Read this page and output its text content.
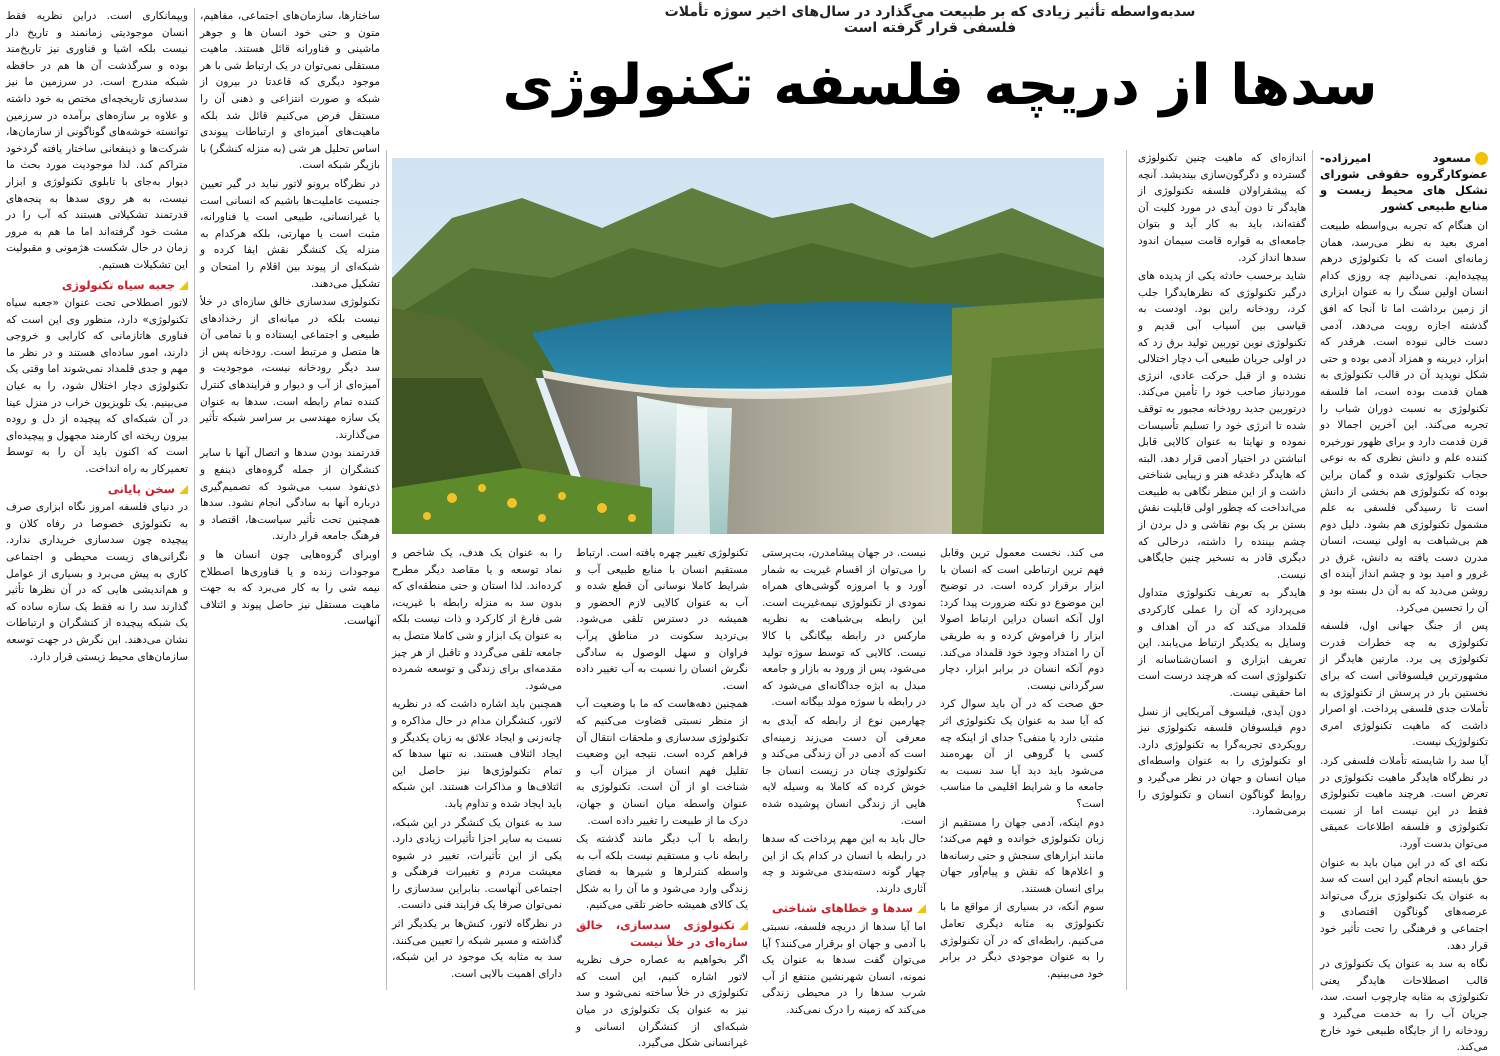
سدبه‌واسطه تأثیر زیادی که بر طبیعت می‌گذارد در سال‌های اخیر سوژه تأملات فلسفی قرار گرفته است
سدها از دریچه فلسفه تکنولوژی
مسعود امیرزاده-عضوکارگروه حقوقی شورای تشکل های محیط زیست و منابع طبیعی کشور

ان هنگام که تجربه بی‌واسطه طبیعت امری بعید به نظر می‌رسد، همان زمانه‌ای است که با تکنولوژی درهم پیچیده‌ایم. نمی‌دانیم چه روزی کدام انسان اولین سنگ را به عنوان ابزاری از زمین برداشت اما تا آنجا که افق گذشته اجازه رویت می‌دهد، آدمی دست خالی نبوده است. هرقدر که ابزار، دیرینه و همزاد آدمی بوده و حتی شکل نوپدید آن در قالب تکنولوژی به همان قدمت بوده است، اما فلسفه تکنولوژی به نسبت دوران شباب را تجربه می‌کند. این آخرین اجمالا دو قرن قدمت دارد و برای ظهور نورخیره کننده علم و دانش نظری که به نوعی حجاب تکنولوژی شده و گمان براین بوده که تکنولوژی هم بخشی از دانش است تا رسیدگی فلسفی به علم مشمول تکنولوژی هم بشود. دلیل دوم هم بی‌شباهت به اولی نیست، انسان مدرن دست یافته به دانش، غرق در غرور و امید بود و چشم انداز آینده ای روشن می‌دید که به آن دل بسته بود و آن را تحسین می‌کرد.

پس از جنگ جهانی اول، فلسفه تکنولوژی به چه خطرات قدرت تکنولوژی پی برد. مارتین هایدگر از مشهورترین فیلسوفانی است که برای نخستین بار در پرسش از تکنولوژی به تأملات جدی فلسفی پرداخت. او اصرار داشت که ماهیت تکنولوژی امری تکنولوژیک نیست.

آیا سد را شایسته تأملات فلسفی کرد. در نظرگاه هایدگر ماهیت تکنولوژی در تعرض است. هرچند ماهیت تکنولوژی فقط در این نیست اما از نسبت تکنولوژی و فلسفه اطلاعات عمیقی می‌توان بدست آورد.

نکته ای که در این میان باید به عنوان حق بایسته انجام گیرد این است که سد به عنوان یک تکنولوژی بزرگ می‌تواند عرصه‌های گوناگون اقتصادی و اجتماعی و فرهنگی را تحت تأثیر خود قرار دهد.

نگاه به سد به عنوان یک تکنولوژی در قالب اصطلاحات هایدگر یعنی تکنولوژی به مثابه چارچوب است. سد، جریان آب را به خدمت می‌گیرد و رودخانه را از جایگاه طبیعی خود خارج می‌کند.

اندازه‌ای که ماهیت چنین تکنولوژی گسترده و دگرگون‌سازی بیندیشد. آنچه که پیشقراولان فلسفه تکنولوژی از هایدگر تا دون آیدی در مورد کلیت آن گفته‌اند، باید به کار آید و بتوان جامعه‌ای به قواره قامت سیمان اندود سدها انداز کرد.

شاید برحسب حادثه یکی از پدیده های درگیر تکنولوژی که نظرهایدگرا جلب کرد، رودخانه راین بود. اودست به قیاسی بین آسیاب آبی قدیم و تکنولوژی نوین توربین تولید برق زد که در اولی جریان طبیعی آب دچار اختلالی نشده و از قبل حرکت عادی، انرژی موردنیاز صاحب خود را تأمین می‌کند. درتوربین جدید رودخانه مجبور به توقف شده تا انرژی خود را تسلیم تأسیسات نموده و نهایتا به عنوان کالایی قابل انباشتن در اختیار آدمی قرار دهد. البته که هایدگر دغدغه هنر و زیبایی شناختی داشت و از این منظر نگاهی به طبیعت می‌انداخت که چطور اولی قابلیت نقش بستن بر یک بوم نقاشی و دل بردن از چشم بیننده را داشته، درحالی که دیگری قادر به تسخیر چنین جایگاهی نیست.

هایدگر به تعریف تکنولوژی متداول می‌پردازد که آن را عملی کارکردی قلمداد می‌کند که در آن اهداف و وسایل به یکدیگر ارتباط می‌یابند. این تعریف ابزاری و انسان‌شناسانه از تکنولوژی است که هرچند درست است اما حقیقی نیست.

دون آیدی، فیلسوف آمریکایی از نسل دوم فیلسوفان فلسفه تکنولوژی نیز رویکردی تجربه‌گرا به تکنولوژی دارد. او تکنولوژی را به عنوان واسطه‌ای میان انسان و جهان در نظر می‌گیرد و روابط گوناگون انسان و تکنولوژی را برمی‌شمارد.

می کند. نخست معمول ترین وقابل فهم ترین ارتباطی است که انسان با ابزار برقرار کرده است. در توضیح این موضوع دو نکته ضرورت پیدا کرد: اول آنکه انسان دراین ارتباط اصولا ابزار را فراموش کرده و به طریقی آن را امتداد وجود خود قلمداد می‌کند. دوم آنکه انسان در برابر ابزار، دچار سرگردانی نیست.

حق صحت که در آن باید سوال کرد که آیا سد به عنوان یک تکنولوژی اثر مثبتی دارد یا منفی؟ جدای از اینکه چه کسی یا گروهی از آن بهره‌مند می‌شود باید دید آیا سد نسبت به جامعه ما و شرایط اقلیمی ما مناسب است؟

دوم اینکه، آدمی جهان را مستقیم از زبان تکنولوژی خوانده و فهم می‌کند؛ مانند ابزارهای سنجش و حتی رسانه‌ها و اعلام‌ها که نقش و پیام‌آور جهان برای انسان هستند.

سوم آنکه، در بسیاری از مواقع ما با تکنولوژی به مثابه دیگری تعامل می‌کنیم. رابطه‌ای که در آن تکنولوژی را به عنوان موجودی دیگر در برابر خود می‌بینیم.

نیست. در جهان پیشامدرن، بت‌پرستی را می‌توان از اقسام غیریت به شمار آورد و یا امروزه گوشی‌های همراه نمودی از تکنولوژی نیمه‌غیریت است. این رابطه بی‌شباهت به نظریه مارکس در رابطه بیگانگی با کالا نیست. کالایی که توسط سوژه تولید می‌شود، پس از ورود به بازار و جامعه مبدل به ابژه جداگانه‌ای می‌شود که در رابطه با سوژه مولد بیگانه است.

چهارمین نوع از رابطه که آیدی به معرفی آن دست می‌زند زمینه‌ای است که آدمی در آن زندگی می‌کند و تکنولوژی چنان در زیست انسان جا خوش کرده که کاملا به وسیله لایه هایی از زندگی انسان پوشیده شده است.

حال باید به این مهم پرداخت که سدها در رابطه با انسان در کدام یک از این چهار گونه دسته‌بندی می‌شوند و چه آثاری دارند.

سدها و خطاهای شناختی

اما آیا سدها از دریچه فلسفه، نسبتی با آدمی و جهان او برقرار می‌کنند؟ آیا می‌توان گفت سدها به عنوان یک نمونه، انسان شهرنشین منتفع از آب شرب سدها را در محیطی زندگی می‌کند که زمینه را درک نمی‌کند.

تکنولوژی تغییر چهره یافته است. ارتباط مستقیم انسان با منابع طبیعی آب و شرایط کاملا نوسانی آن قطع شده و آب به عنوان کالایی لازم الحضور و همیشه در دسترس تلقی می‌شود. بی‌تردید سکونت در مناطق پرآب فراوان و سهل الوصول به سادگی نگرش انسان را نسبت به آب تغییر داده است.

همچنین دهه‌هاست که ما با وضعیت آب از منظر نسبتی قضاوت می‌کنیم که تکنولوژی سدسازی و ملحقات انتقال آن فراهم کرده است. نتیجه این وضعیت تقلیل فهم انسان از میزان آب و شناخت او از آن است. تکنولوژی به عنوان واسطه میان انسان و جهان، درک ما از طبیعت را تغییر داده است.

رابطه با آب دیگر مانند گذشته یک رابطه ناب و مستقیم نیست بلکه آب به واسطه کنترلرها و شیرها به فضای زندگی وارد می‌شود و ما آن را به شکل یک کالای همیشه حاضر تلقی می‌کنیم.

تکنولوژی سدسازی، خالق سازه‌ای در خلأ نیست

اگر بخواهیم به عصاره حرف نظریه لاتور اشاره کنیم، این است که تکنولوژی در خلأ ساخته نمی‌شود و سد نیز به عنوان یک تکنولوژی در میان شبکه‌ای از کنشگران انسانی و غیرانسانی شکل می‌گیرد.

را به عنوان یک هدف، یک شاخص و نماد توسعه و یا مقاصد دیگر مطرح کرده‌اند. لذا استان و حتی منطقه‌ای که بدون سد به منزله رابطه با غیریت، شی فارغ از کارکرد و ذات نیست بلکه به عنوان یک ابزار و شی کاملا متصل به جامعه تلقی می‌گردد و تاقبل از هر چیز مقدمه‌ای برای زندگی و توسعه شمرده می‌شود.

همچنین باید اشاره داشت که در نظریه لاتور، کنشگران مدام در حال مذاکره و چانه‌زنی و ایجاد علائق به زبان یکدیگر و ایجاد ائتلاف هستند. نه تنها سدها که تمام تکنولوژی‌ها نیز حاصل این ائتلاف‌ها و مذاکرات هستند. این شبکه باید ایجاد شده و تداوم یابد.

سد به عنوان یک کنشگر در این شبکه، نسبت به سایر اجزا تأثیرات زیادی دارد. یکی از این تأثیرات، تغییر در شیوه معیشت مردم و تغییرات فرهنگی و اجتماعی آنهاست. بنابراین سدسازی را نمی‌توان صرفا یک فرایند فنی دانست.

در نظرگاه لاتور، کنش‌ها بر یکدیگر اثر گذاشته و مسیر شبکه را تعیین می‌کنند. سد به مثابه یک موجود در این شبکه، دارای اهمیت بالایی است.

ساختارها، سازمان‌های اجتماعی، مفاهیم، متون و حتی خود انسان ها و جوهر ماشینی و فناورانه قائل هستند. ماهیت مستقلی نمی‌توان در یک ارتباط شی با هر موجود دیگری که قاعدتا در بیرون از شبکه و صورت انتزاعی و ذهنی آن را مستقل فرض می‌کنیم قائل شد بلکه ماهیت‌های آمیزه‌ای و ارتباطات پیوندی اساس تحلیل هر شی (به منزله کنشگر) با بازیگر شبکه است.

در نظرگاه برونو لاتور نباید در گیر تعیین جنسیت عاملیت‌ها باشیم که انسانی است یا غیرانسانی، طبیعی است یا فناورانه، مثبت است یا مهارتی، بلکه هرکدام به منزله یک کنشگر نقش ایفا کرده و شبکه‌ای از پیوند بین اقلام را امتحان و تشکیل می‌دهند.

تکنولوژی سدسازی خالق سازه‌ای در خلأ نیست بلکه در میانه‌ای از رخدادهای طبیعی و اجتماعی ایستاده و با تمامی آن ها متصل و مرتبط است. رودخانه پس از سد دیگر رودخانه نیست، موجودیت و آمیزه‌ای از آب و دیوار و فرایندهای کنترل کننده تمام رابطه است. سدها به عنوان یک سازه مهندسی بر سراسر شبکه تأثیر می‌گذارند.

قدرتمند بودن سدها و اتصال آنها با سایر کنشگران از جمله گروه‌های ذینفع و ذی‌نفوذ سبب می‌شود که تصمیم‌گیری درباره آنها به سادگی انجام نشود. سدها همچنین تحت تأثیر سیاست‌ها، اقتصاد و فرهنگ جامعه قرار دارند.

اوبرای گروه‌هایی چون انسان ها و موجودات زنده و یا فناوری‌ها اصطلاح نیمه شی را به کار می‌برد که به جهت ماهیت مستقل نیز حاصل پیوند و ائتلاف آنهاست.

ویپمانکاری است. دراین نظریه فقط انسان موجودیتی زمانمند و تاریخ دار نیست بلکه اشیا و فناوری نیز تاریخ‌مند بوده و سرگذشت آن ها هم در حافظه شبکه مندرج است. در سرزمین ما نیز سدسازی تاریخچه‌ای مختص به خود داشته و علاوه بر سازه‌های برآمده در سرزمین توانسته خوشه‌های گوناگونی از سازمان‌ها، شرکت‌ها و ذینفعانی ساختار یافته گردخود متراکم کند. لذا موجودیت مورد بحث ما دیوار به‌جای با تابلوی تکنولوژی و ابزار نیست، به هر روی سدها به پنجه‌های قدرتمند تشکیلاتی هستند که آب را در مشت خود گرفته‌اند اما ما هم به مرور زمان در حال شکست هژمونی و مقبولیت این تشکیلات هستیم.

جعبه سیاه تکنولوژی

لاتور اصطلاحی تحت عنوان «جعبه سیاه تکنولوژی» دارد، منظور وی این است که فناوری هاتازمانی که کارایی و خروجی دارند، امور ساده‌ای هستند و در نظر ما مهم و جدی قلمداد نمی‌شوند اما وقتی یک تکنولوژی دچار اختلال شود، را به عیان می‌بینیم. یک تلویزیون خراب در منزل عینا در آن شبکه‌ای که پیچیده از دل و روده بیرون ریخته ای کارمند مجهول و پیچیده‌ای است که اکنون باید آن را به توسط تعمیرکار به راه انداخت.

سخن پایانی

در دنیای فلسفه امروز نگاه ابزاری صرف به تکنولوژی خصوصا در رفاه کلان و پیچیده چون سدسازی خریداری ندارد. نگرانی‌های زیست محیطی و اجتماعی کاری به پیش می‌برد و بسیاری از عوامل و هم‌اندیشی هایی که در آن نظرها تأثیر گذارند سد را نه فقط یک سازه ساده که یک شبکه پیچیده از کنشگران و ارتباطات نشان می‌دهند. این نگرش در جهت توسعه سازمان‌های محیط زیستی قرار دارد.
